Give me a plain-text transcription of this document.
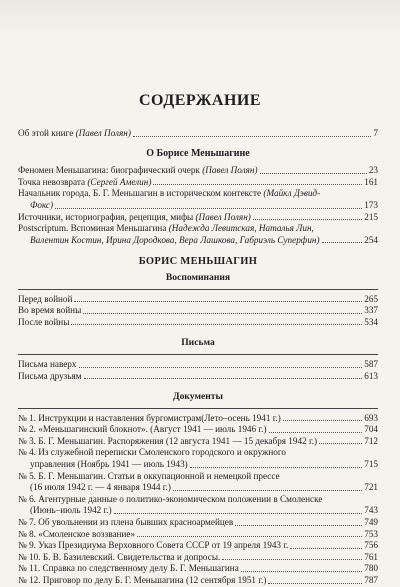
СОДЕРЖАНИЕ
Об этой книге (Павел Полян)	7
О Борисе Меньшагине
Феномен Меньшагина: биографический очерк (Павел Полян)	23
Точка невозврата (Сергей Амелин)	161
Начальник города. Б. Г. Меньшагин в историческом контексте (Майкл Дэвид-
Фокс)	173
Источники, историография, рецепция, мифы (Павел Полян)	215
Postscriptum. Вспоминая Меньшагина (Надежда Левитская, Наталья Лин,
Валентин Костин, Ирина Дородкова, Вера Лашкова, Габриэль Суперфин)	254
БОРИС МЕНЬШАГИН
Воспоминания
Перед войной	265
Во время войны	337
После войны	534
Письма
Письма наверх	587
Письма друзьям	613
Документы
№ 1. Инструкции и наставления бургомистрам(Лето–осень 1941 г.)	693
№ 2. «Меньшагинский блокнот». (Август 1941 — июль 1946 г.)	704
№ 3. Б. Г. Меньшагин. Распоряжения (12 августа 1941 — 15 декабря 1942 г.)	712
№ 4. Из служебной переписки Смоленского городского и окружного
управления (Ноябрь 1941 — июль 1943)	715
№ 5. Б. Г. Меньшагин. Статьи в оккупационной и немецкой прессе
(16 июля 1942 г. — 4 января 1944 г.)	721
№ 6. Агентурные данные о политико-экономическом положении в Смоленске
(Июнь–июль 1942 г.)	743
№ 7. Об увольнении из плена бывших красноармейцев	749
№ 8. «Смоленское воззвание»	753
№ 9. Указ Президиума Верховного Совета СССР от 19 апреля 1943 г.	756
№ 10. Б. В. Базилевский. Свидетельства и допросы.	761
№ 11. Справка по следственному делу Б. Г. Меньшагина	780
№ 12. Приговор по делу Б. Г. Меньшагина (12 сентября 1951 г.)	787
